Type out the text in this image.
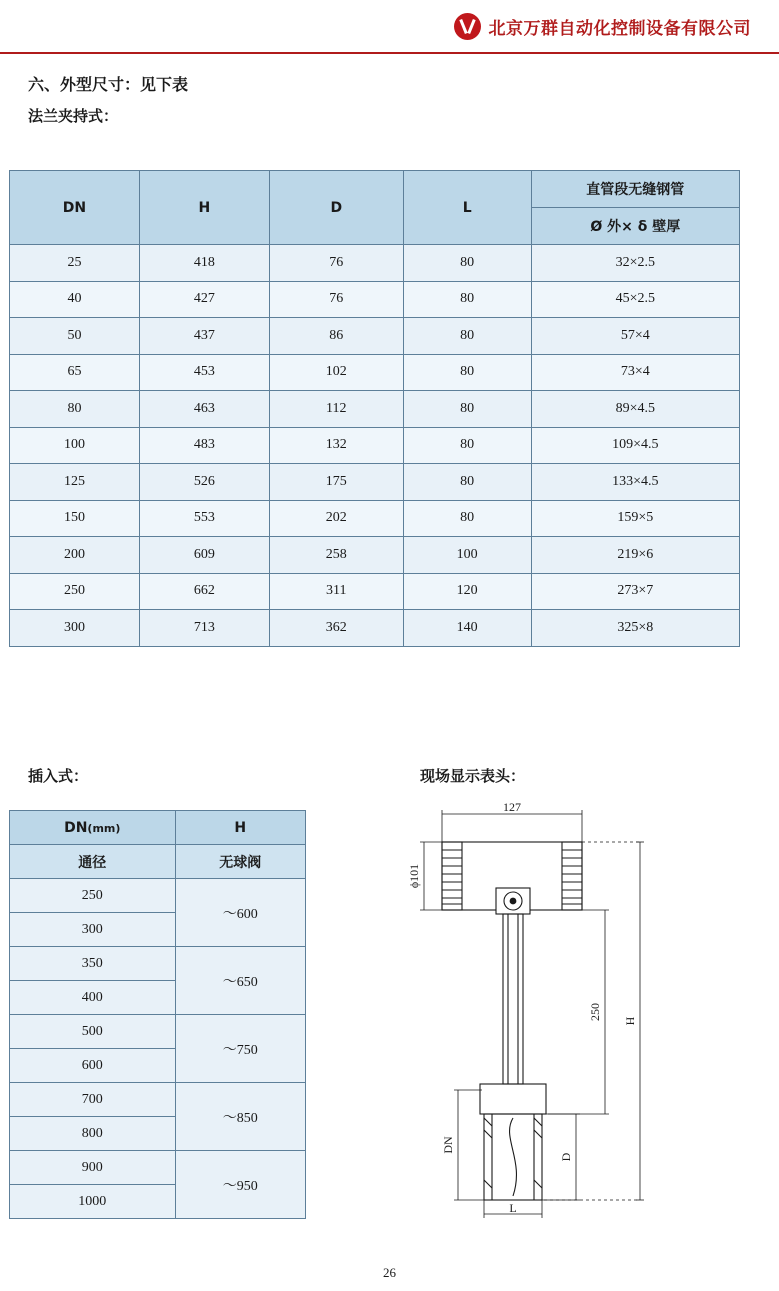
北京万群自动化控制设备有限公司
六、外型尺寸：见下表
法兰夹持式：
DN	H	D	L	直管段无缝钢管
				Ø 外× δ 壁厚
25	418	76	80	32×2.5
40	427	76	80	45×2.5
50	437	86	80	57×4
65	453	102	80	73×4
80	463	112	80	89×4.5
100	483	132	80	109×4.5
125	526	175	80	133×4.5
150	553	202	80	159×5
200	609	258	100	219×6
250	662	311	120	273×7
300	713	362	140	325×8
插入式：	现场显示表头：
DN(mm)	H
通径	无球阀
250	～600
300	
350	～650
400	
500	～750
600	
700	～850
800	
900	～950
1000	
127
ϕ101
250 H
DN
D
L
26
